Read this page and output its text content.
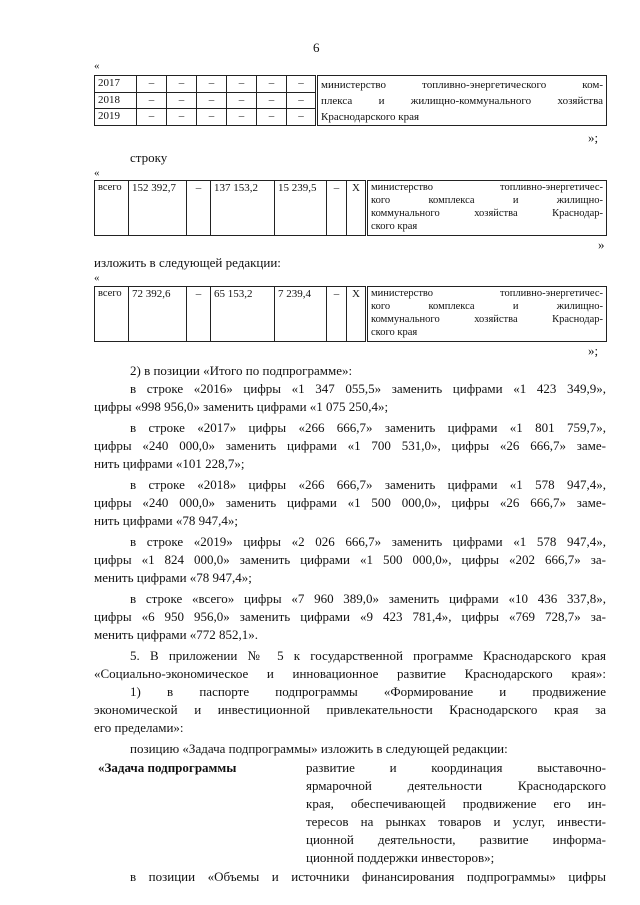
6
«
2017	–	–	–	–	–	–	министерство топливно-энергетического ком-
плекса и жилищно-коммунального хозяйства
Краснодарского края

2018	–	–	–	–	–	–	
2019	–	–	–	–	–	–	
»;
строку
«
всего	152 392,7	–	137 153,2	15 239,5	–	X	министерство топливно-энергетичес-
кого комплекса и жилищно-
коммунального хозяйства Краснодар-
ского края
»
изложить в следующей редакции:
«
всего	72 392,6	–	65 153,2	7 239,4	–	X	министерство топливно-энергетичес-
кого комплекса и жилищно-
коммунального хозяйства Краснодар-
ского края
»;
2) в позиции «Итого по подпрограмме»:
в строке «2016» цифры «1 347 055,5» заменить цифрами «1 423 349,9»,
цифры «998 956,0» заменить цифрами «1 075 250,4»;
в строке «2017» цифры «266 666,7» заменить цифрами «1 801 759,7»,
цифры «240 000,0» заменить цифрами «1 700 531,0», цифры «26 666,7» заме-
нить цифрами «101 228,7»;
в строке «2018» цифры «266 666,7» заменить цифрами «1 578 947,4»,
цифры «240 000,0» заменить цифрами «1 500 000,0», цифры «26 666,7» заме-
нить цифрами «78 947,4»;
в строке «2019» цифры «2 026 666,7» заменить цифрами «1 578 947,4»,
цифры «1 824 000,0» заменить цифрами «1 500 000,0», цифры «202 666,7» за-
менить цифрами «78 947,4»;
в строке «всего» цифры «7 960 389,0» заменить цифрами «10 436 337,8»,
цифры «6 950 956,0» заменить цифрами «9 423 781,4», цифры «769 728,7» за-
менить цифрами «772 852,1».
5. В приложении № 5 к государственной программе Краснодарского края
«Социально-экономическое и инновационное развитие Краснодарского края»:
1) в паспорте подпрограммы «Формирование и продвижение
экономической и инвестиционной привлекательности Краснодарского края за
его пределами»:
позицию «Задача подпрограммы» изложить в следующей редакции:
«Задача подпрограммы	развитие и координация выставочно-
ярмарочной деятельности Краснодарского
края, обеспечивающей продвижение его ин-
тересов на рынках товаров и услуг, инвести-
ционной деятельности, развитие информа-
ционной поддержки инвесторов»;
в позиции «Объемы и источники финансирования подпрограммы» цифры
